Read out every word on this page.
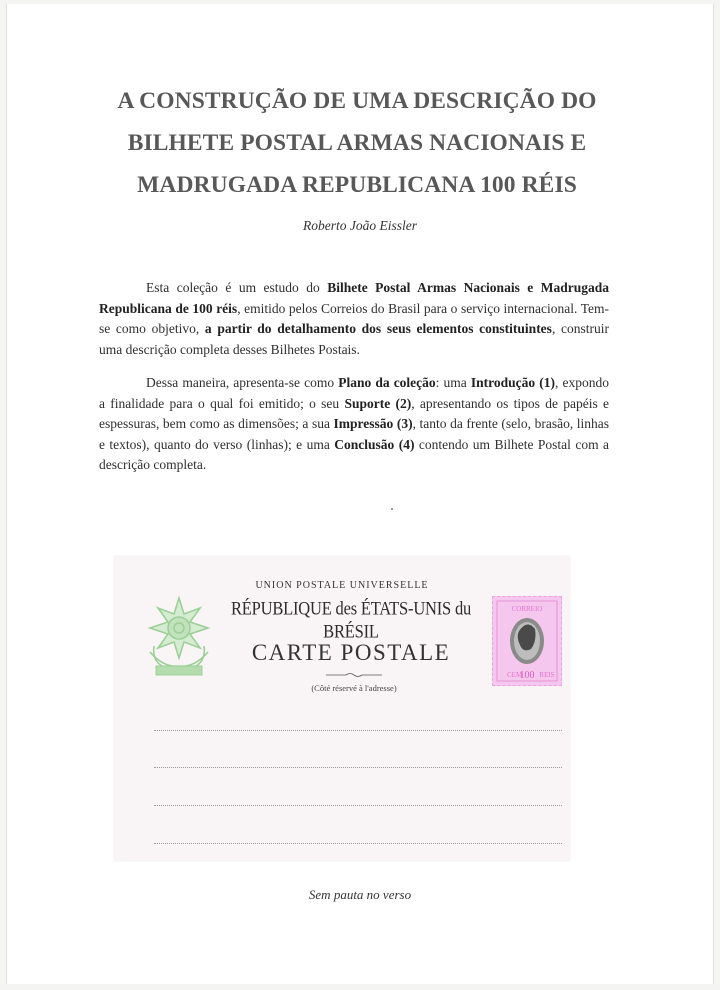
A CONSTRUÇÃO DE UMA DESCRIÇÃO DO
BILHETE POSTAL ARMAS NACIONAIS E
MADRUGADA REPUBLICANA 100 RÉIS
Roberto João Eissler

Esta coleção é um estudo do Bilhete Postal Armas Nacionais e Madrugada Republicana de 100 réis, emitido pelos Correios do Brasil para o serviço internacional. Tem-se como objetivo, a partir do detalhamento dos seus elementos constituintes, construir uma descrição completa desses Bilhetes Postais.

Dessa maneira, apresenta-se como Plano da coleção: uma Introdução (1), expondo a finalidade para o qual foi emitido; o seu Suporte (2), apresentando os tipos de papéis e espessuras, bem como as dimensões; a sua Impressão (3), tanto da frente (selo, brasão, linhas e textos), quanto do verso (linhas); e uma Conclusão (4) contendo um Bilhete Postal com a descrição completa.

UNION POSTALE UNIVERSELLE
RÉPUBLIQUE des ÉTATS-UNIS du BRÉSIL
CARTE POSTALE
(Côté réservé à l'adresse)
CORREIO
CEM
100 REIS
Sem pauta no verso
